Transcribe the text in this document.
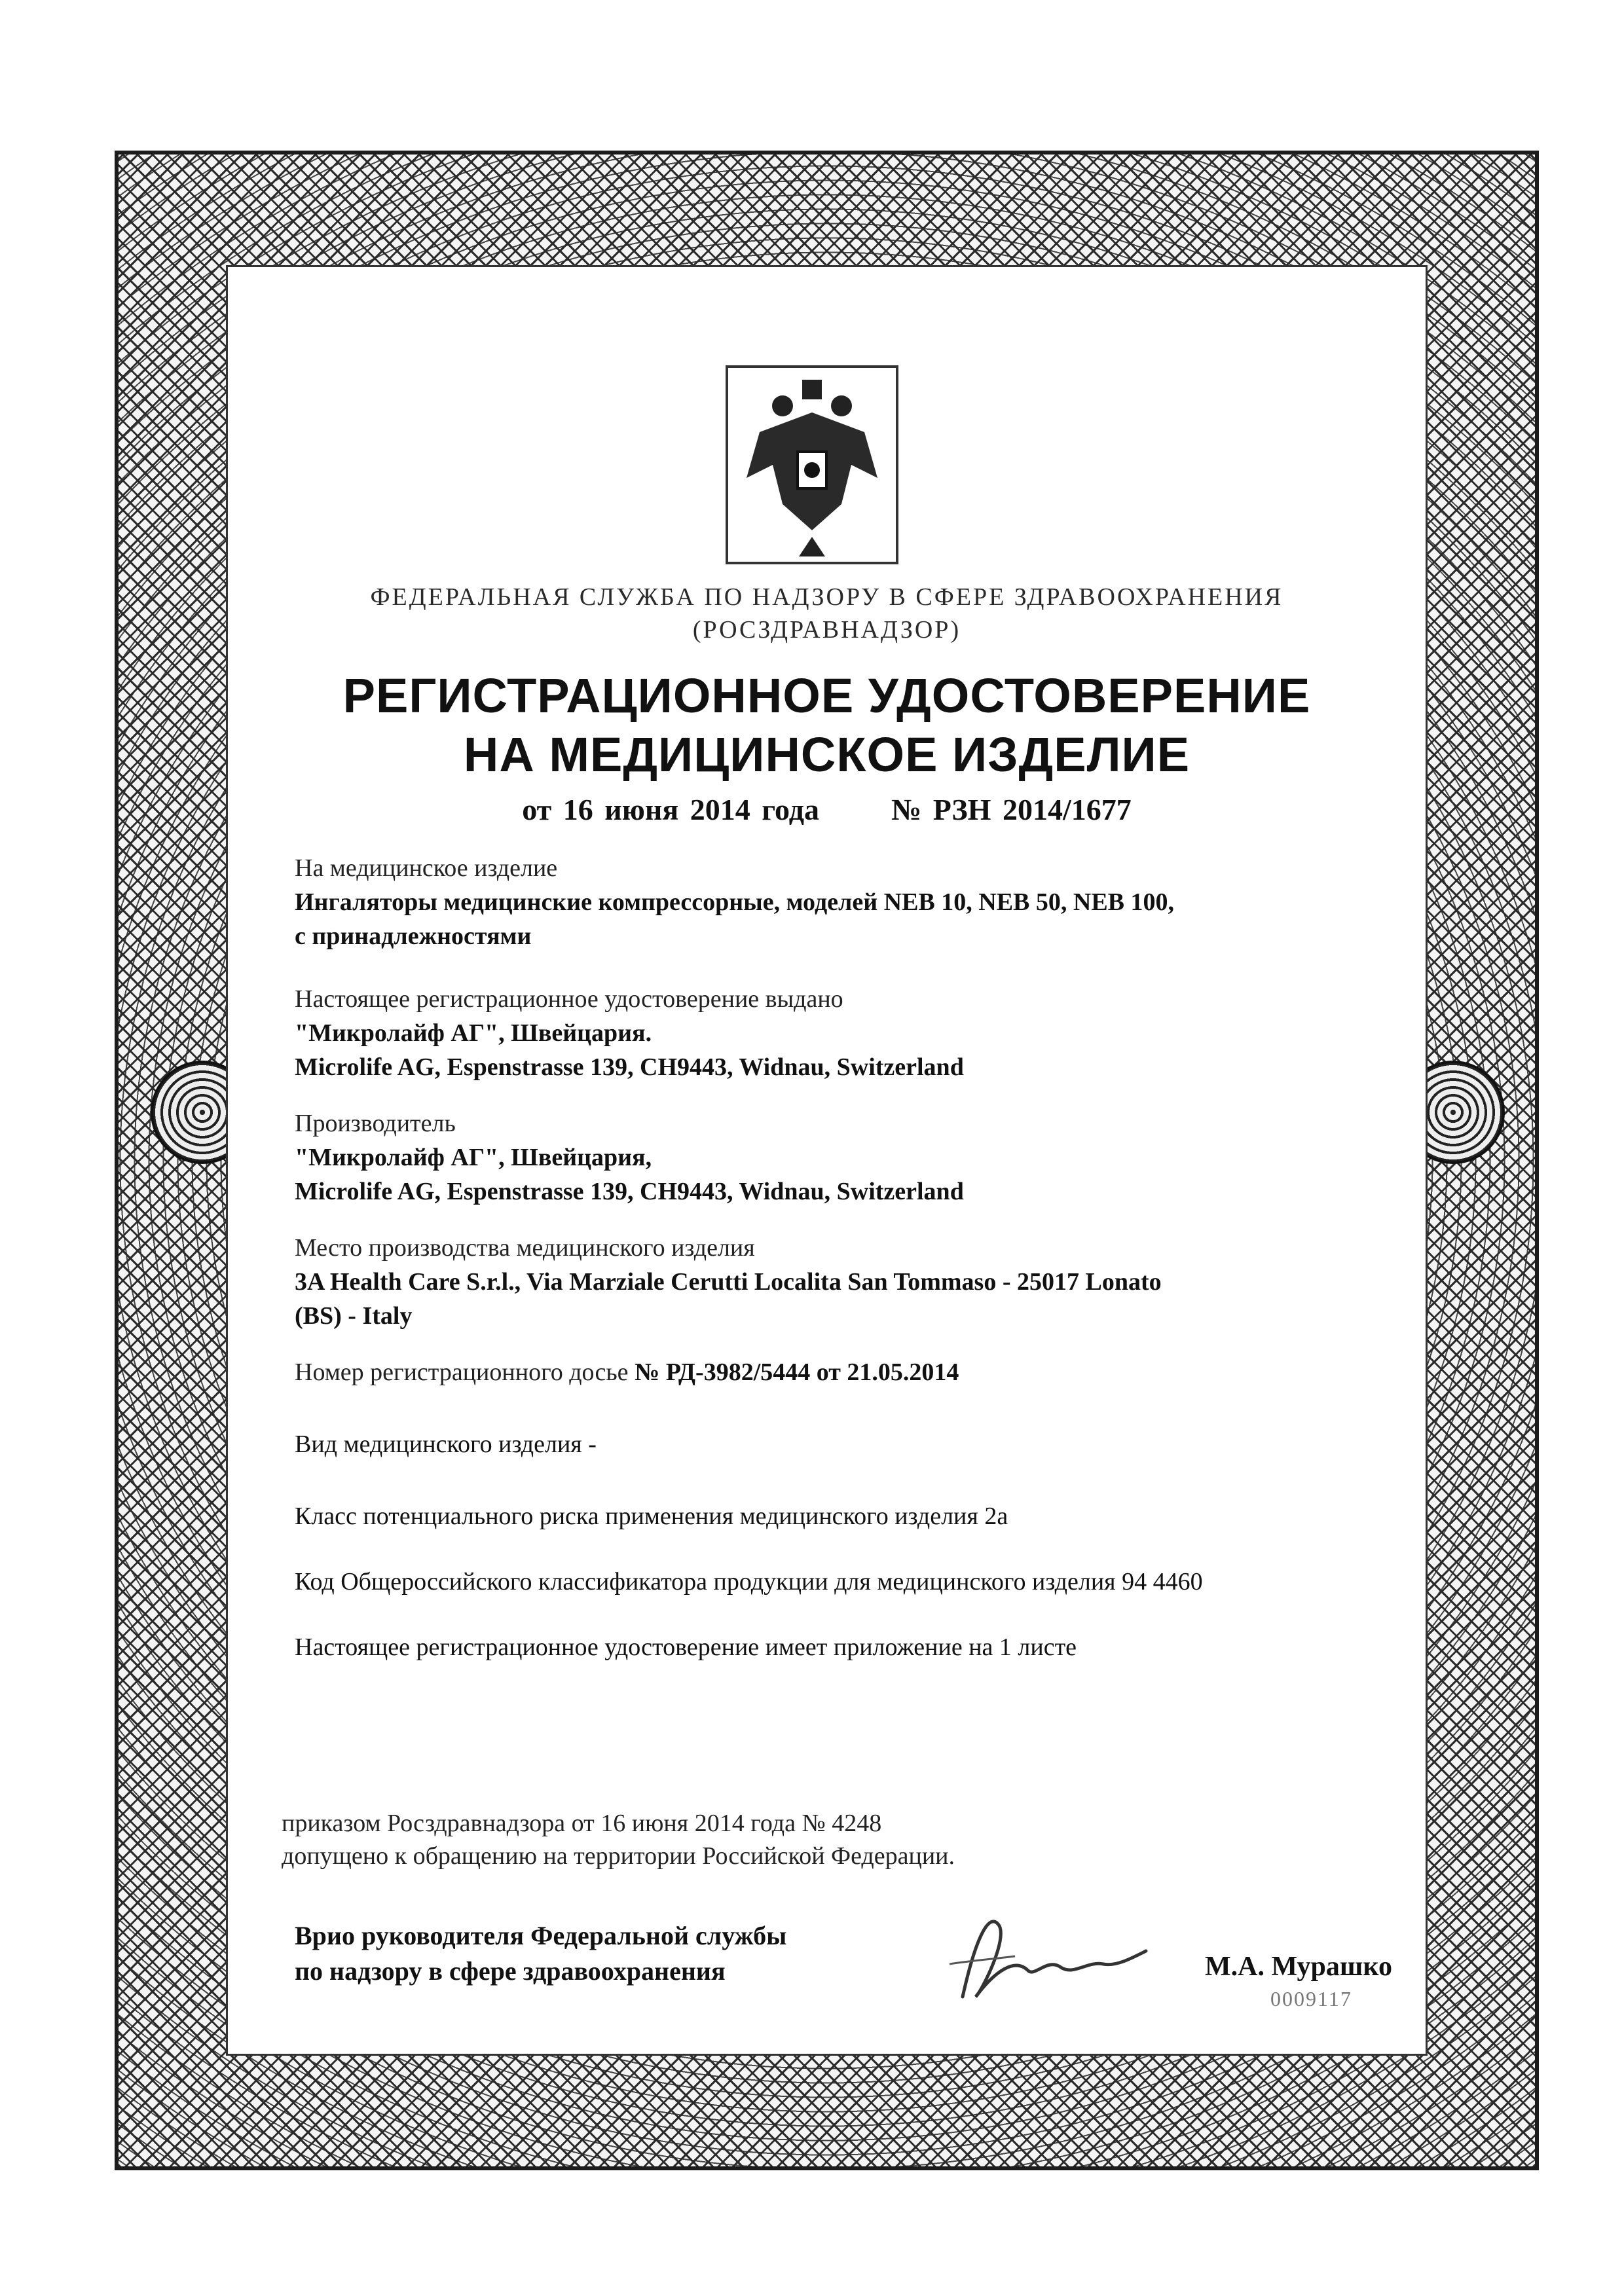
ФЕДЕРАЛЬНАЯ СЛУЖБА ПО НАДЗОРУ В СФЕРЕ ЗДРАВООХРАНЕНИЯ
(РОСЗДРАВНАДЗОР)
РЕГИСТРАЦИОННОЕ УДОСТОВЕРЕНИЕ
НА МЕДИЦИНСКОЕ ИЗДЕЛИЕ
от 16 июня 2014 года № РЗН 2014/1677
На медицинское изделие
Ингаляторы медицинские компрессорные, моделей NEB 10, NEB 50, NEB 100,
с принадлежностями
Настоящее регистрационное удостоверение выдано
"Микролайф АГ", Швейцария.
Microlife AG, Espenstrasse 139, CH9443, Widnau, Switzerland
Производитель
"Микролайф АГ", Швейцария,
Microlife AG, Espenstrasse 139, CH9443, Widnau, Switzerland
Место производства медицинского изделия
3A Health Care S.r.l., Via Marziale Cerutti Localita San Tommaso - 25017 Lonato
(BS) - Italy
Номер регистрационного досье № РД-3982/5444 от 21.05.2014
Вид медицинского изделия -
Класс потенциального риска применения медицинского изделия 2а
Код Общероссийского классификатора продукции для медицинского изделия 94 4460
Настоящее регистрационное удостоверение имеет приложение на 1 листе
приказом Росздравнадзора от 16 июня 2014 года № 4248
допущено к обращению на территории Российской Федерации.
Врио руководителя Федеральной службы
по надзору в сфере здравоохранения	М.А. Мурашко
0009117
